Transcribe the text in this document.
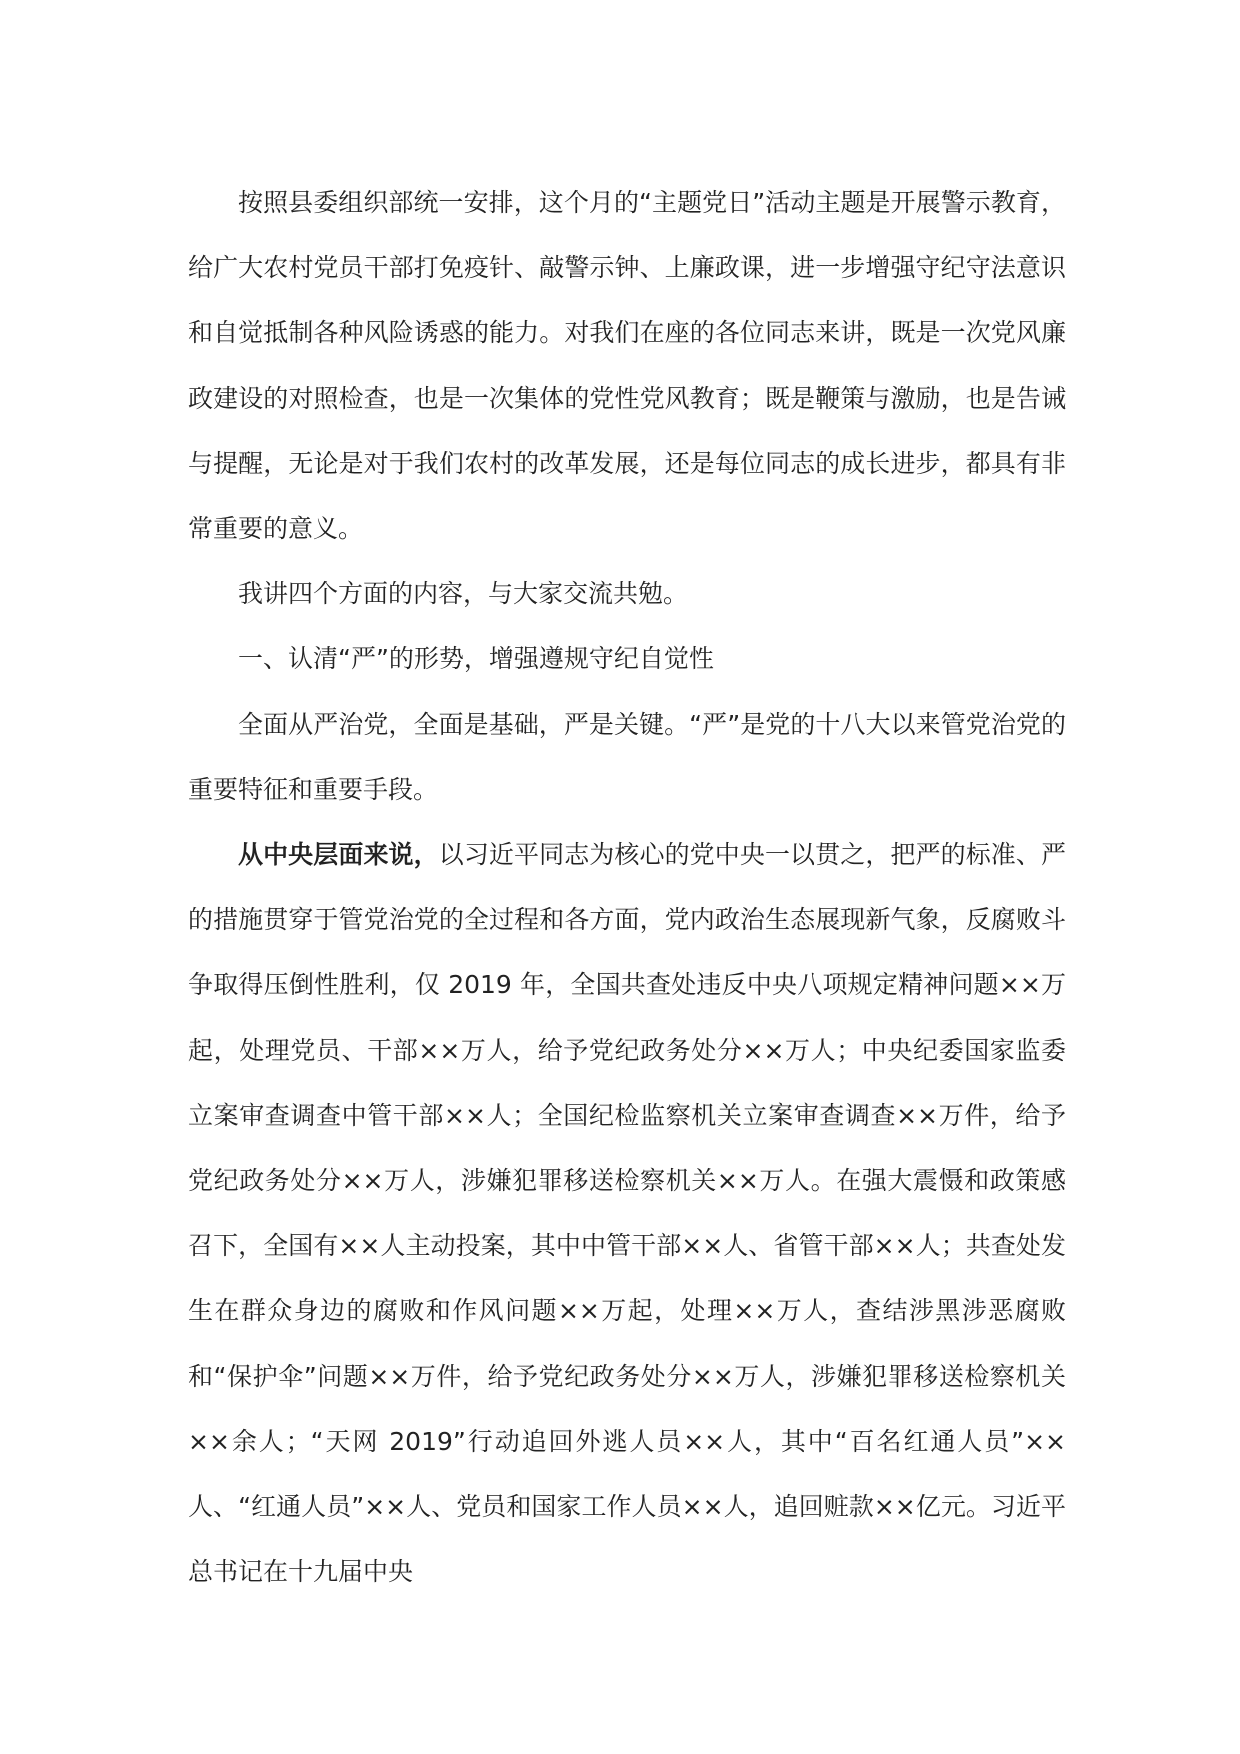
按照县委组织部统一安排，这个月的“主题党日”活动主题是开展警示教育，给广大农村党员干部打免疫针、敲警示钟、上廉政课，进一步增强守纪守法意识和自觉抵制各种风险诱惑的能力。对我们在座的各位同志来讲，既是一次党风廉政建设的对照检查，也是一次集体的党性党风教育；既是鞭策与激励，也是告诫与提醒，无论是对于我们农村的改革发展，还是每位同志的成长进步，都具有非常重要的意义。

我讲四个方面的内容，与大家交流共勉。

一、认清“严”的形势，增强遵规守纪自觉性

全面从严治党，全面是基础，严是关键。“严”是党的十八大以来管党治党的重要特征和重要手段。

从中央层面来说，以习近平同志为核心的党中央一以贯之，把严的标准、严的措施贯穿于管党治党的全过程和各方面，党内政治生态展现新气象，反腐败斗争取得压倒性胜利，仅 2019 年，全国共查处违反中央八项规定精神问题××万起，处理党员、干部××万人，给予党纪政务处分××万人；中央纪委国家监委立案审查调查中管干部××人；全国纪检监察机关立案审查调查××万件，给予党纪政务处分××万人，涉嫌犯罪移送检察机关××万人。在强大震慑和政策感召下，全国有××人主动投案，其中中管干部××人、省管干部××人；共查处发生在群众身边的腐败和作风问题××万起，处理××万人，查结涉黑涉恶腐败和“保护伞”问题××万件，给予党纪政务处分××万人，涉嫌犯罪移送检察机关××余人；“天网 2019”行动追回外逃人员××人，其中“百名红通人员”××人、“红通人员”××人、党员和国家工作人员××人，追回赃款××亿元。习近平总书记在十九届中央
